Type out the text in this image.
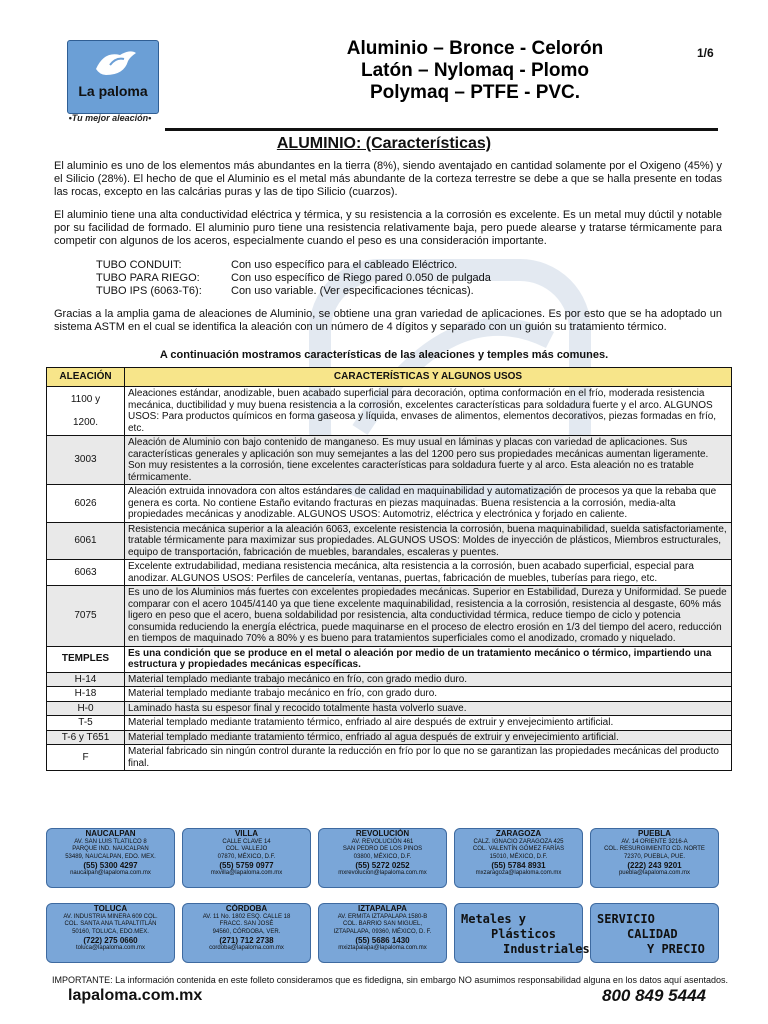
La paloma
•Tu mejor aleación•
Aluminio – Bronce - Celorón
Latón – Nylomaq - Plomo
Polymaq – PTFE - PVC.
1/6
ALUMINIO: (Características)
El aluminio es uno de los elementos más abundantes en la tierra (8%), siendo aventajado en cantidad solamente por el Oxigeno (45%) y el Silicio (28%). El hecho de que el Aluminio es el metal más abundante de la corteza terrestre se debe a que se halla presente en todas las rocas, excepto en las calcárias puras y las de tipo Silicio (cuarzos).
El aluminio tiene una alta conductividad eléctrica y térmica, y su resistencia a la corrosión es excelente. Es un metal muy dúctil y notable por su facilidad de formado. El aluminio puro tiene una resistencia relativamente baja, pero puede alearse y tratarse térmicamente para competir con algunos de los aceros, especialmente cuando el peso es una consideración importante.
TUBO CONDUIT:	Con uso específico para el cableado Eléctrico.
TUBO PARA RIEGO:	Con uso específico de Riego pared 0.050 de pulgada
TUBO IPS (6063-T6):	Con uso variable. (Ver especificaciones técnicas).
Gracias a la amplia gama de aleaciones de Aluminio, se obtiene una gran variedad de aplicaciones. Es por esto que se ha adoptado un sistema ASTM en el cual se identifica la aleación con un número de 4 dígitos y separado con un guión su tratamiento térmico.
A continuación mostramos características de las aleaciones y temples más comunes.
ALEACIÓN	CARACTERÍSTICAS Y ALGUNOS USOS

1100 y
1200.	Aleaciones estándar, anodizable, buen acabado superficial para decoración, optima conformación en el frío, moderada resistencia mecánica, ductibilidad y muy buena resistencia a la corrosión, excelentes características para soldadura fuerte y el arco. ALGUNOS USOS: Para productos químicos en forma gaseosa y líquida, envases de alimentos, elementos decorativos, piezas formadas en frío, etc.
3003	Aleación de Aluminio con bajo contenido de manganeso. Es muy usual en láminas y placas con variedad de aplicaciones. Sus características generales y aplicación son muy semejantes a las del 1200 pero sus propiedades mecánicas aumentan ligeramente. Son muy resistentes a la corrosión, tiene excelentes características para soldadura fuerte y al arco. Esta aleación no es tratable térmicamente.
6026	Aleación extruida innovadora con altos estándares de calidad en maquinabilidad y automatización de procesos ya que la rebaba que genera es corta. No contiene Estaño evitando fracturas en piezas maquinadas. Buena resistencia a la corrosión, media-alta propiedades mecánicas y anodizable. ALGUNOS USOS: Automotriz, eléctrica y electrónica y forjado en caliente.
6061	Resistencia mecánica superior a la aleación 6063, excelente resistencia la corrosión, buena maquinabilidad, suelda satisfactoriamente, tratable térmicamente para maximizar sus propiedades. ALGUNOS USOS: Moldes de inyección de plásticos, Miembros estructurales, equipo de transportación, fabricación de muebles, barandales, escaleras y puentes.
6063	Excelente extrudabilidad, mediana resistencia mecánica, alta resistencia a la corrosión, buen acabado superficial, especial para anodizar. ALGUNOS USOS: Perfiles de cancelería, ventanas, puertas, fabricación de muebles, tuberías para riego, etc.
7075	Es uno de los Aluminios más fuertes con excelentes propiedades mecánicas. Superior en Estabilidad, Dureza y Uniformidad. Se puede comparar con el acero 1045/4140 ya que tiene excelente maquinabilidad, resistencia a la corrosión, resistencia al desgaste, 60% más ligero en peso que el acero, buena soldabilidad por resistencia, alta conductividad térmica, reduce tiempo de ciclo y potencia consumida reduciendo la energía eléctrica, puede maquinarse en el proceso de electro erosión en 1/3 del tiempo del acero, reducción en tiempos de maquinado 70% a 80% y es bueno para tratamientos superficiales como el anodizado, cromado y niquelado.
TEMPLES	Es una condición que se produce en el metal o aleación por medio de un tratamiento mecánico o térmico, impartiendo una estructura y propiedades mecánicas específicas.
H-14	Material templado mediante trabajo mecánico en frío, con grado medio duro.
H-18	Material templado mediante trabajo mecánico en frío, con grado duro.
H-0	Laminado hasta su espesor final y recocido totalmente hasta volverlo suave.
T-5	Material templado mediante tratamiento térmico, enfriado al aire después de extruir y envejecimiento artificial.
T-6 y T651	Material templado mediante tratamiento térmico, enfriado al agua después de extruir y envejecimiento artificial.
F	Material fabricado sin ningún control durante la reducción en frío por lo que no se garantizan las propiedades mecánicas del producto final.
NAUCALPAN
AV. SAN LUIS TLATILCO 8
PARQUE IND. NAUCALPAN
53489, NAUCALPAN, EDO. MEX.
(55) 5300 4297
naucalpan@lapaloma.com.mx
VILLA
CALLE CLAVE 14
COL. VALLEJO
07870, MÉXICO, D.F.
(55) 5759 0977
mxvilla@lapaloma.com.mx
REVOLUCIÓN
AV. REVOLUCIÓN 461
SAN PEDRO DE LOS PINOS
03800, MÉXICO, D.F.
(55) 5272 0252
mxrevolucion@lapaloma.com.mx
ZARAGOZA
CALZ. IGNACIO ZARAGOZA 425
COL. VALENTÍN GÓMEZ FARÍAS
15010, MÉXICO, D.F.
(55) 5784 8931
mxzaragoza@lapaloma.com.mx
PUEBLA
AV. 14 ORIENTE 3216-A
COL. RESURGIMIENTO CD. NORTE
72370, PUEBLA, PUE.
(222) 243 9201
puebla@lapaloma.com.mx
TOLUCA
AV. INDUSTRIA MINERA 609 COL.
COL. SANTA ANA TLAPALTITLÁN
50160, TOLUCA, EDO.MEX.
(722) 275 0660
toluca@lapaloma.com.mx
CÓRDOBA
AV. 11 No. 1802 ESQ. CALLE 18
FRACC. SAN JOSÉ
94560, CÓRDOBA, VER.
(271) 712 2738
cordoba@lapaloma.com.mx
IZTAPALAPA
AV. ERMITA IZTAPALAPA 1580-B
COL. BARRIO SAN MIGUEL,
IZTAPALAPA, 09360, MÉXICO, D. F.
(55) 5686 1430
mxiztapalapa@lapaloma.com.mx
Metales y
Plásticos
Industriales
SERVICIO
CALIDAD
Y PRECIO
IMPORTANTE: La información contenida en este folleto consideramos que es fidedigna, sin embargo NO asumimos responsabilidad alguna en los datos aquí asentados.
lapaloma.com.mx	800 849 5444
